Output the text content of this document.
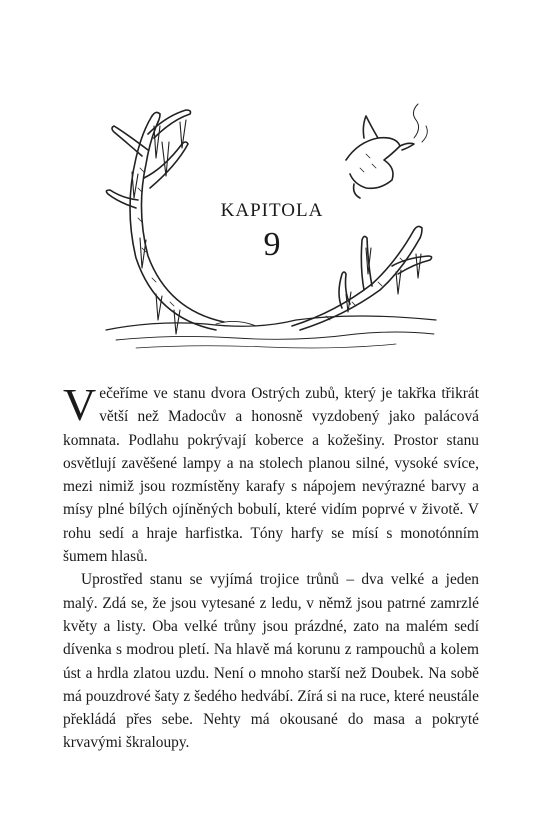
KAPITOLA
9

Večeříme ve stanu dvora Ostrých zubů, který je takřka třikrát větší než Madocův a honosně vyzdobený jako palácová komnata. Podlahu pokrývají koberce a kožešiny. Prostor stanu osvětlují zavěšené lampy a na stolech planou silné, vysoké svíce, mezi nimiž jsou rozmístěny karafy s nápojem nevýrazné barvy a mísy plné bílých ojíněných bobulí, které vidím poprvé v životě. V rohu sedí a hraje harfistka. Tóny harfy se mísí s monotónním šumem hlasů.

Uprostřed stanu se vyjímá trojice trůnů – dva velké a jeden malý. Zdá se, že jsou vytesané z ledu, v němž jsou patrné zamrzlé květy a listy. Oba velké trůny jsou prázdné, zato na malém sedí dívenka s modrou pletí. Na hlavě má korunu z rampouchů a kolem úst a hrdla zlatou uzdu. Není o mnoho starší než Doubek. Na sobě má pouzdrové šaty z šedého hedvábí. Zírá si na ruce, které neustále překládá přes sebe. Nehty má okousané do masa a pokryté krvavými škraloupy.
